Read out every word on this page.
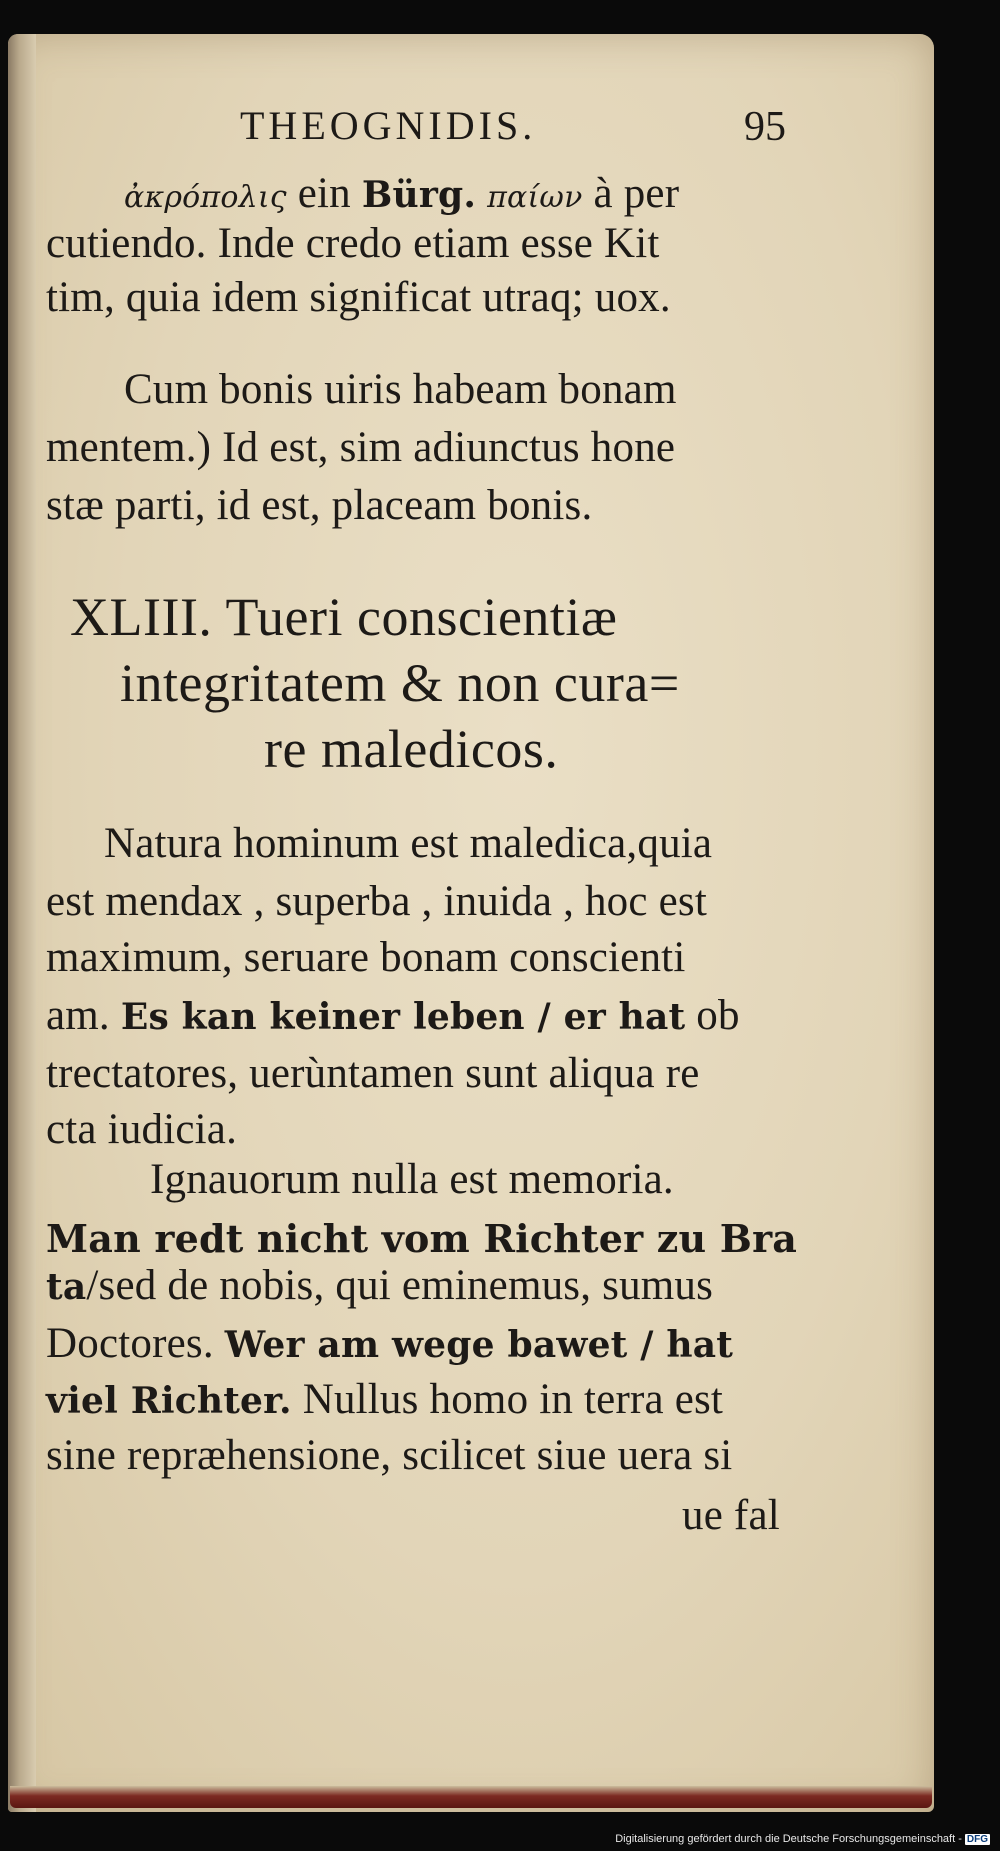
THEOGNIDIS.	95
ἀκρόπολις ein Bürg. παίων à per
cutiendo. Inde credo etiam esse Kit
tim, quia idem significat utraq; uox.
Cum bonis uiris habeam bonam
mentem.) Id est, sim adiunctus hone
stæ parti, id est, placeam bonis.
XLIII. Tueri conscientiæ
integritatem & non cura=
re maledicos.
Natura hominum est maledica,quia
est mendax , superba , inuida , hoc est
maximum, seruare bonam conscienti
am. Es kan keiner leben / er hat ob
trectatores, uerùntamen sunt aliqua re
cta iudicia.
Ignauorum nulla est memoria.
Man redt nicht vom Richter zu Bra
ta/sed de nobis, qui eminemus, sumus
Doctores. Wer am wege bawet / hat
viel Richter. Nullus homo in terra est
sine repræhensione, scilicet siue uera si
ue fal
Digitalisierung gefördert durch die Deutsche Forschungsgemeinschaft - DFG
